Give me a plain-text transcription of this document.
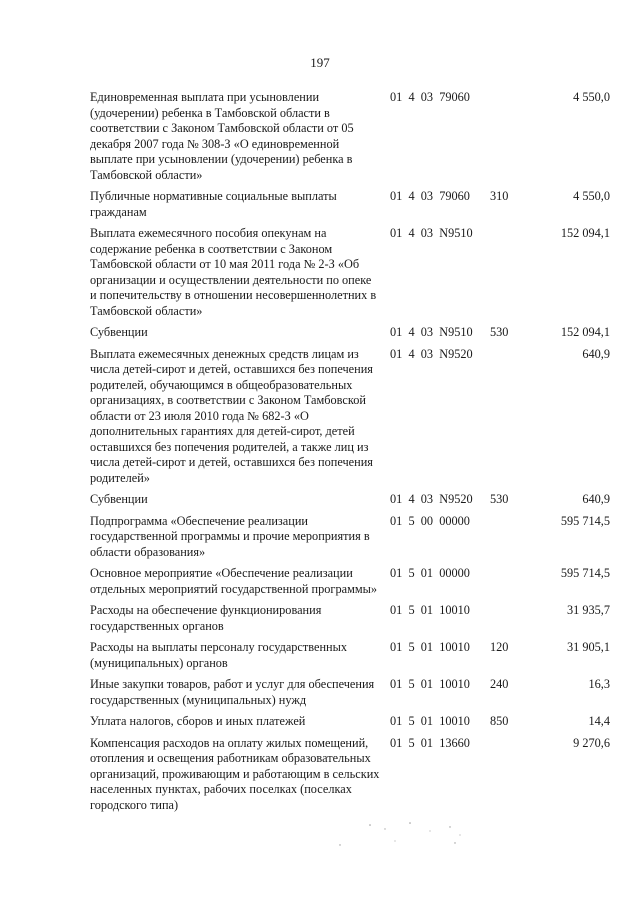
197
Единовременная выплата при усыновлении (удочерении) ребенка в Тамбовской области в соответствии с Законом Тамбовской области от 05 декабря 2007 года № 308-З «О единовременной выплате при усыновлении (удочерении) ребенка в Тамбовской области»
01  4  03  79060	4 550,0
Публичные нормативные социальные выплаты гражданам
01  4  03  79060	310	4 550,0
Выплата ежемесячного пособия опекунам на содержание ребенка в соответствии с Законом Тамбовской области от 10 мая 2011 года № 2-З «Об организации и осуществлении деятельности по опеке и попечительству в отношении несовершеннолетних в Тамбовской области»
01  4  03  N9510	152 094,1
Субвенции	01  4  03  N9510	530	152 094,1
Выплата ежемесячных денежных средств лицам из числа детей-сирот и детей, оставшихся без попечения родителей, обучающимся в общеобразовательных организациях, в соответствии с Законом Тамбовской области от 23 июля 2010 года № 682-З «О дополнительных гарантиях для детей-сирот, детей оставшихся без попечения родителей, а также лиц из числа детей-сирот и детей, оставшихся без попечения родителей»
01  4  03  N9520	640,9
Субвенции	01  4  03  N9520	530	640,9
Подпрограмма «Обеспечение реализации государственной программы и прочие мероприятия в области образования»
01  5  00  00000	595 714,5
Основное мероприятие «Обеспечение реализации отдельных мероприятий государственной программы»
01  5  01  00000	595 714,5
Расходы на обеспечение функционирования государственных органов
01  5  01  10010	31 935,7
Расходы на выплаты персоналу государственных (муниципальных) органов
01  5  01  10010	120	31 905,1
Иные закупки товаров, работ и услуг для обеспечения государственных (муниципальных) нужд
01  5  01  10010	240	16,3
Уплата налогов, сборов и иных платежей	01  5  01  10010	850	14,4
Компенсация расходов на оплату жилых помещений, отопления и освещения работникам образовательных организаций, проживающим и работающим в сельских населенных пунктах, рабочих поселках (поселках городского типа)
01  5  01  13660	9 270,6
